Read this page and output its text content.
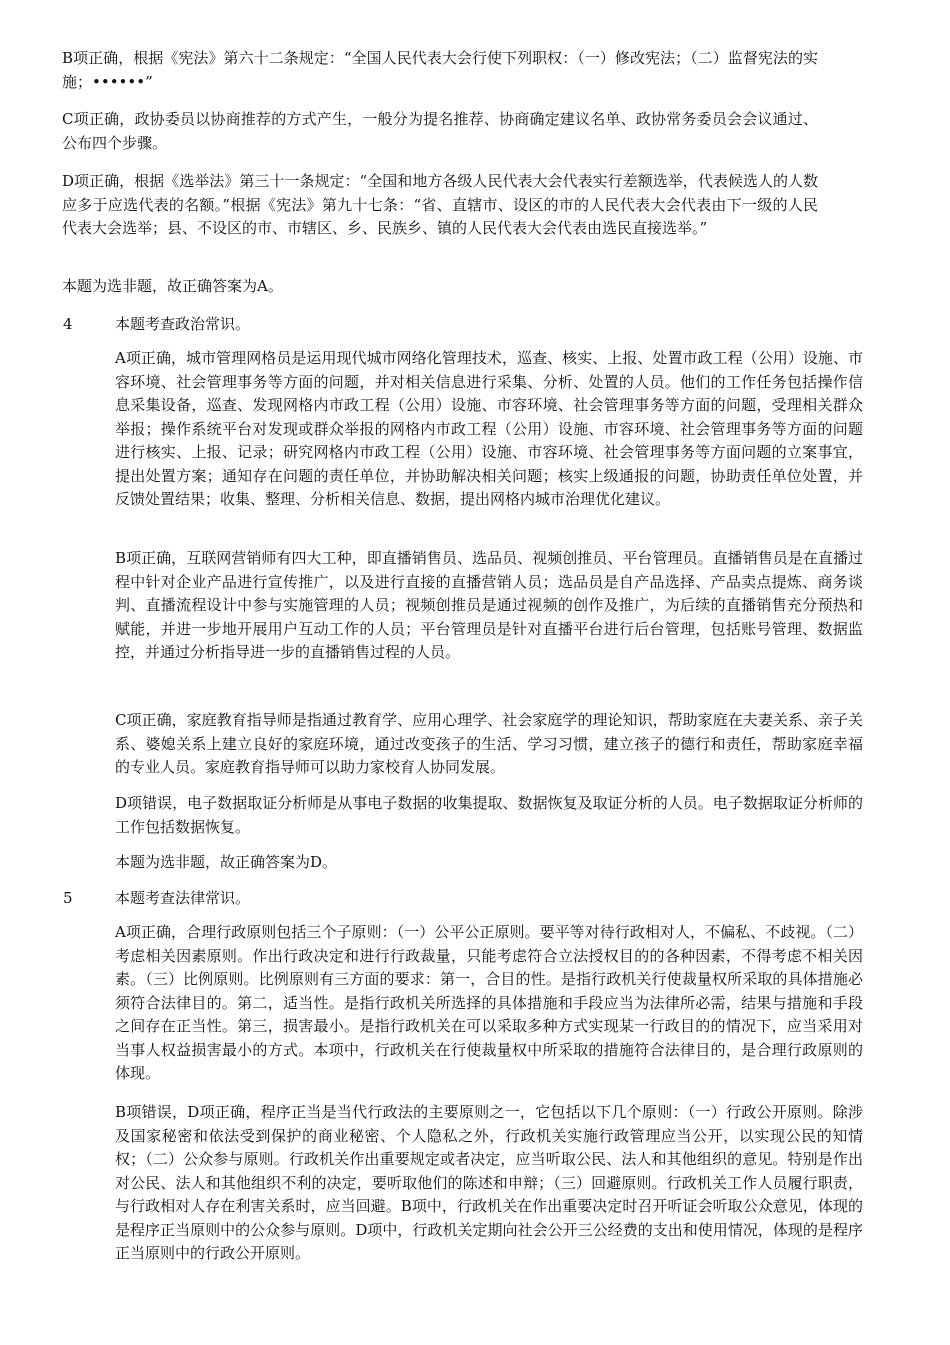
B项正确，根据《宪法》第六十二条规定：“全国人民代表大会行使下列职权：（一）修改宪法；（二）监督宪法的实施；••••••”

C项正确，政协委员以协商推荐的方式产生，一般分为提名推荐、协商确定建议名单、政协常务委员会会议通过、公布四个步骤。

D项正确，根据《选举法》第三十一条规定：“全国和地方各级人民代表大会代表实行差额选举，代表候选人的人数应多于应选代表的名额。”根据《宪法》第九十七条：“省、直辖市、设区的市的人民代表大会代表由下一级的人民代表大会选举；县、不设区的市、市辖区、乡、民族乡、镇的人民代表大会代表由选民直接选举。”

本题为选非题，故正确答案为A。

4	本题考查政治常识。

A项正确，城市管理网格员是运用现代城市网络化管理技术，巡查、核实、上报、处置市政工程（公用）设施、市容环境、社会管理事务等方面的问题，并对相关信息进行采集、分析、处置的人员。他们的工作任务包括操作信息采集设备，巡查、发现网格内市政工程（公用）设施、市容环境、社会管理事务等方面的问题，受理相关群众举报；操作系统平台对发现或群众举报的网格内市政工程（公用）设施、市容环境、社会管理事务等方面的问题进行核实、上报、记录；研究网格内市政工程（公用）设施、市容环境、社会管理事务等方面问题的立案事宜，提出处置方案；通知存在问题的责任单位，并协助解决相关问题；核实上级通报的问题，协助责任单位处置，并反馈处置结果；收集、整理、分析相关信息、数据，提出网格内城市治理优化建议。

B项正确，互联网营销师有四大工种，即直播销售员、选品员、视频创推员、平台管理员。直播销售员是在直播过程中针对企业产品进行宣传推广，以及进行直接的直播营销人员；选品员是自产品选择、产品卖点提炼、商务谈判、直播流程设计中参与实施管理的人员；视频创推员是通过视频的创作及推广，为后续的直播销售充分预热和赋能，并进一步地开展用户互动工作的人员；平台管理员是针对直播平台进行后台管理，包括账号管理、数据监控，并通过分析指导进一步的直播销售过程的人员。

C项正确，家庭教育指导师是指通过教育学、应用心理学、社会家庭学的理论知识，帮助家庭在夫妻关系、亲子关系、婆媳关系上建立良好的家庭环境，通过改变孩子的生活、学习习惯，建立孩子的德行和责任，帮助家庭幸福的专业人员。家庭教育指导师可以助力家校育人协同发展。

D项错误，电子数据取证分析师是从事电子数据的收集提取、数据恢复及取证分析的人员。电子数据取证分析师的工作包括数据恢复。

本题为选非题，故正确答案为D。

5	本题考查法律常识。

A项正确，合理行政原则包括三个子原则：（一）公平公正原则。要平等对待行政相对人，不偏私、不歧视。（二）考虑相关因素原则。作出行政决定和进行行政裁量，只能考虑符合立法授权目的的各种因素，不得考虑不相关因素。（三）比例原则。比例原则有三方面的要求：第一，合目的性。是指行政机关行使裁量权所采取的具体措施必须符合法律目的。第二，适当性。是指行政机关所选择的具体措施和手段应当为法律所必需，结果与措施和手段之间存在正当性。第三，损害最小。是指行政机关在可以采取多种方式实现某一行政目的的情况下，应当采用对当事人权益损害最小的方式。本项中，行政机关在行使裁量权中所采取的措施符合法律目的，是合理行政原则的体现。

B项错误，D项正确，程序正当是当代行政法的主要原则之一，它包括以下几个原则：（一）行政公开原则。除涉及国家秘密和依法受到保护的商业秘密、个人隐私之外，行政机关实施行政管理应当公开，以实现公民的知情权；（二）公众参与原则。行政机关作出重要规定或者决定，应当听取公民、法人和其他组织的意见。特别是作出对公民、法人和其他组织不利的决定，要听取他们的陈述和申辩；（三）回避原则。行政机关工作人员履行职责，与行政相对人存在利害关系时，应当回避。B项中，行政机关在作出重要决定时召开听证会听取公众意见，体现的是程序正当原则中的公众参与原则。D项中，行政机关定期向社会公开三公经费的支出和使用情况，体现的是程序正当原则中的行政公开原则。
